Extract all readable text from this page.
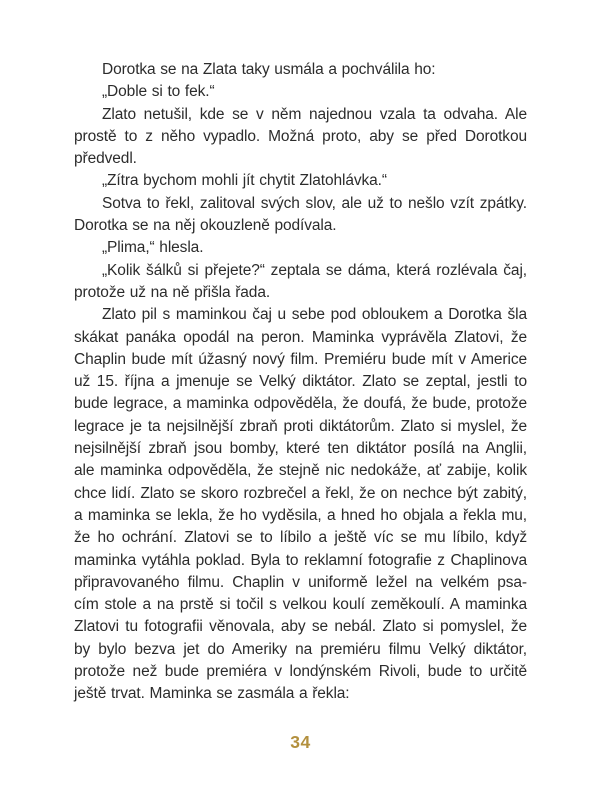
Dorotka se na Zlata taky usmála a pochválila ho:
„Doble si to fek.“
Zlato netušil, kde se v něm najednou vzala ta odvaha. Ale
prostě to z něho vypadlo. Možná proto, aby se před Dorotkou
předvedl.
„Zítra bychom mohli jít chytit Zlatohlávka.“
Sotva to řekl, zalitoval svých slov, ale už to nešlo vzít zpátky.
Dorotka se na něj okouzleně podívala.
„Plima,“ hlesla.
„Kolik šálků si přejete?“ zeptala se dáma, která rozlévala čaj,
protože už na ně přišla řada.
Zlato pil s maminkou čaj u sebe pod obloukem a Dorotka šla
skákat panáka opodál na peron. Maminka vyprávěla Zlatovi, že
Chaplin bude mít úžasný nový film. Premiéru bude mít v Americe
už 15. října a jmenuje se Velký diktátor. Zlato se zeptal, jestli to
bude legrace, a maminka odpověděla, že doufá, že bude, protože
legrace je ta nejsilnější zbraň proti diktátorům. Zlato si myslel, že
nejsilnější zbraň jsou bomby, které ten diktátor posílá na Anglii,
ale maminka odpověděla, že stejně nic nedokáže, ať zabije, kolik
chce lidí. Zlato se skoro rozbrečel a řekl, že on nechce být zabitý,
a maminka se lekla, že ho vyděsila, a hned ho objala a řekla mu,
že ho ochrání. Zlatovi se to líbilo a ještě víc se mu líbilo, když
maminka vytáhla poklad. Byla to reklamní fotografie z Chaplinova
připravovaného filmu. Chaplin v uniformě ležel na velkém psa-
cím stole a na prstě si točil s velkou koulí zeměkoulí. A maminka
Zlatovi tu fotografii věnovala, aby se nebál. Zlato si pomyslel, že
by bylo bezva jet do Ameriky na premiéru filmu Velký diktátor,
protože než bude premiéra v londýnském Rivoli, bude to určitě
ještě trvat. Maminka se zasmála a řekla:
34
